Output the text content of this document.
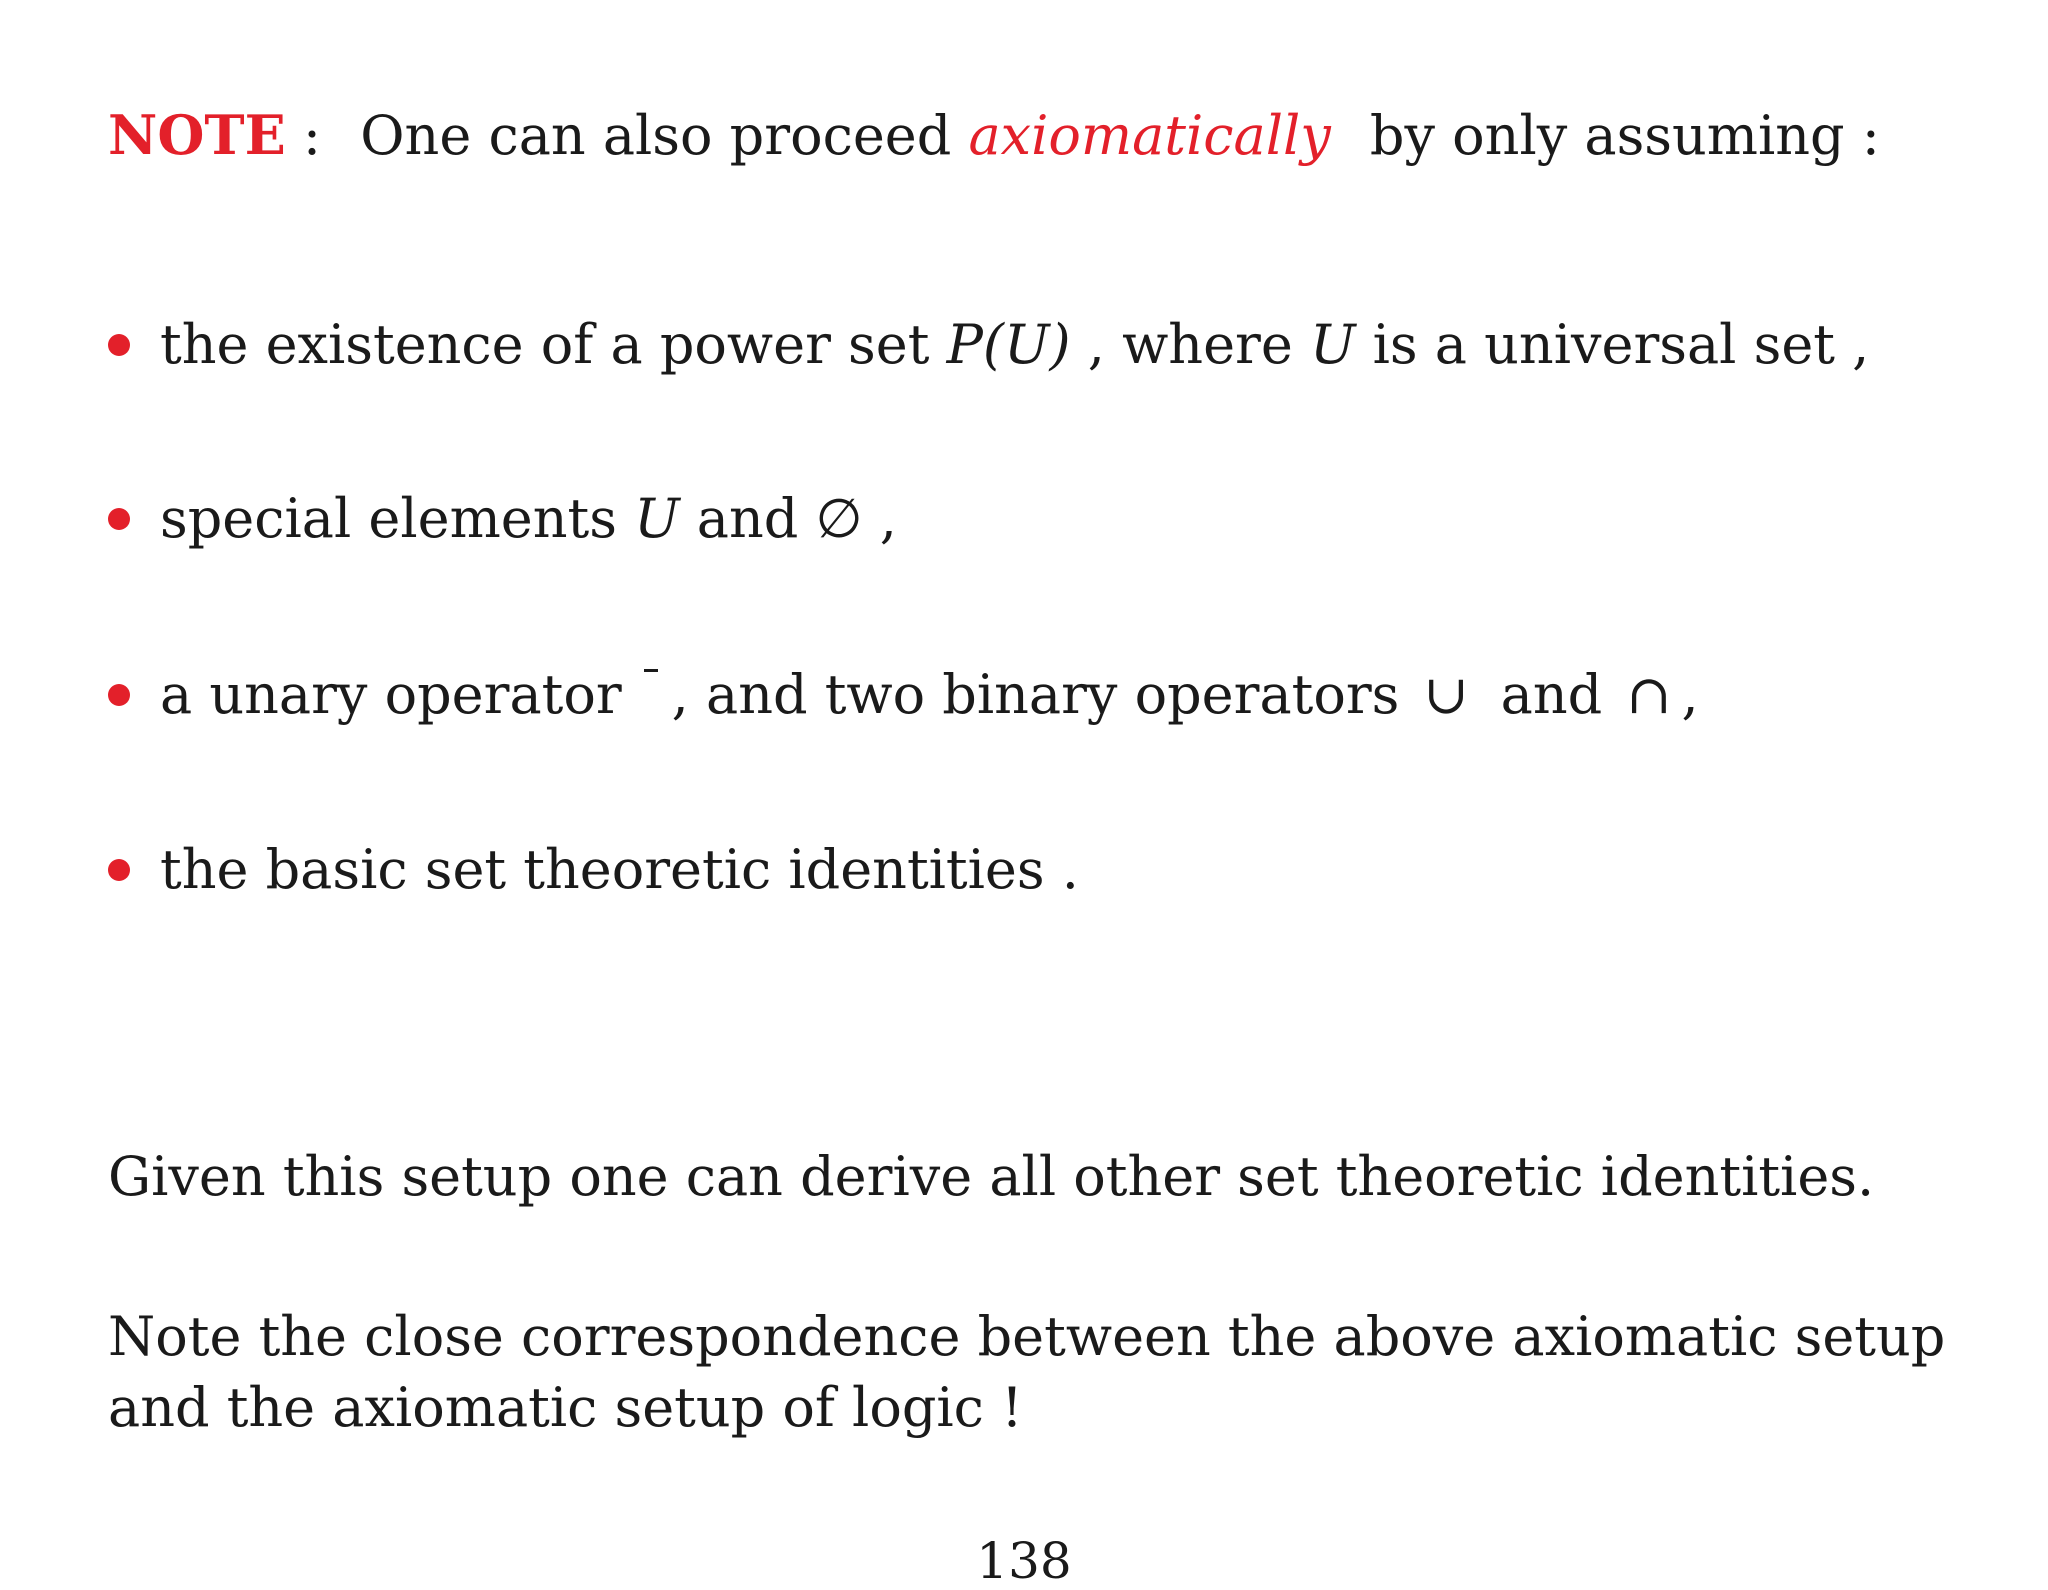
NOTE : One can also proceed axiomatically by only assuming :
the existence of a power set P(U) , where U is a universal set ,
special elements U and ∅ ,
a unary operator , and two binary operators ∪ and ∩ ,
the basic set theoretic identities .
Given this setup one can derive all other set theoretic identities.
Note the close correspondence between the above axiomatic setup and the axiomatic setup of logic !
138
